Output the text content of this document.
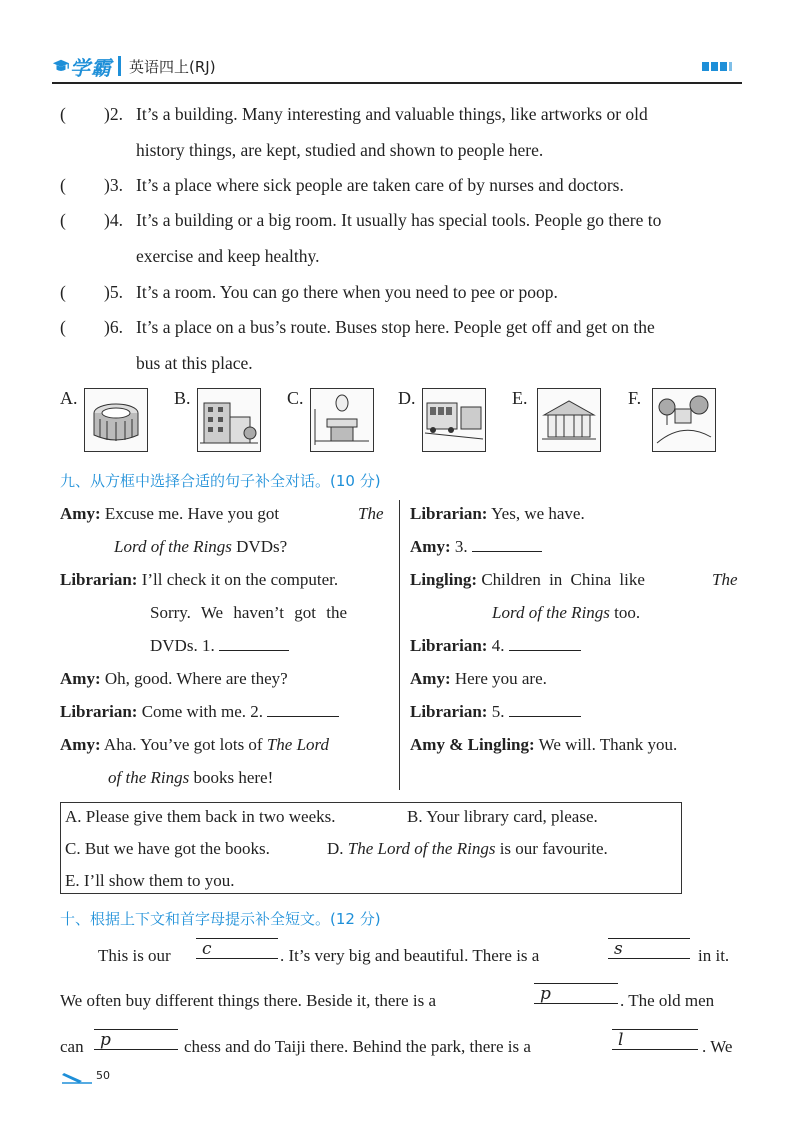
学霸 英语四上(RJ)
( )2. It’s a building. Many interesting and valuable things, like artworks or old
history things, are kept, studied and shown to people here.
( )3. It’s a place where sick people are taken care of by nurses and doctors.
( )4. It’s a building or a big room. It usually has special tools. People go there to
exercise and keep healthy.
( )5. It’s a room. You can go there when you need to pee or poop.
( )6. It’s a place on a bus’s route. Buses stop here. People get off and get on the
bus at this place.
A.	B.	C.	D.	E.	F.
九、从方框中选择合适的句子补全对话。(10 分)
Amy: Excuse me. Have you got	The
Lord of the Rings DVDs?
Librarian: I’ll check it on the computer.
Sorry. We haven’t got the
DVDs. 1.
Amy: Oh, good. Where are they?
Librarian: Come with me. 2.
Amy: Aha. You’ve got lots of The Lord
of the Rings books here!
Librarian: Yes, we have.
Amy: 3.
Lingling: Children in China like	The
Lord of the Rings too.
Librarian: 4.
Amy: Here you are.
Librarian: 5.
Amy & Lingling: We will. Thank you.
A. Please give them back in two weeks.	B. Your library card, please.
C. But we have got the books.	D. The Lord of the Rings is our favourite.
E. I’ll show them to you.
十、根据上下文和首字母提示补全短文。(12 分)
This is our c	. It’s very big and beautiful. There is a	s	in it.
We often buy different things there. Beside it, there is a	p	. The old men
can p	chess and do Taiji there. Behind the park, there is a	l	. We
50
